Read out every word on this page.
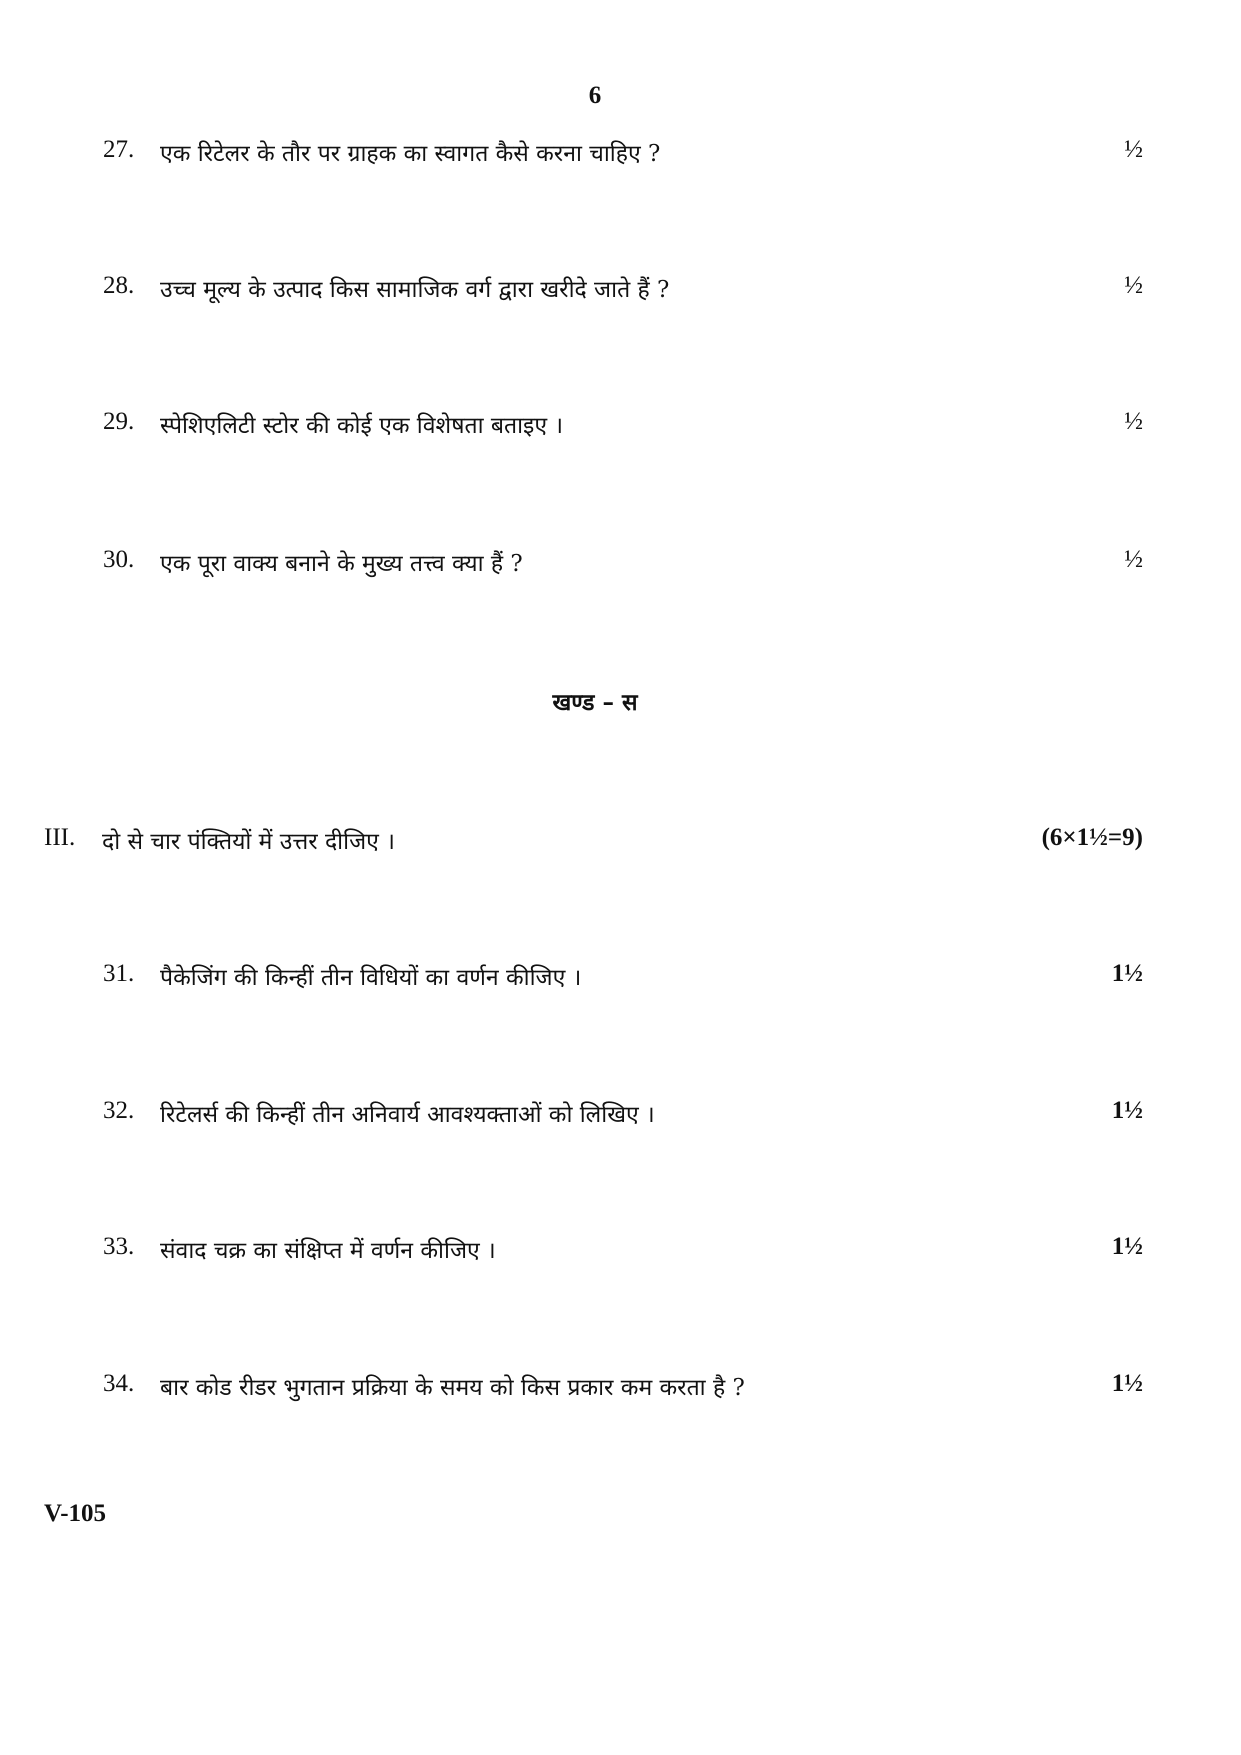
6
27. एक रिटेलर के तौर पर ग्राहक का स्वागत कैसे करना चाहिए ?	½
28. उच्च मूल्य के उत्पाद किस सामाजिक वर्ग द्वारा खरीदे जाते हैं ?	½
29. स्पेशिएलिटी स्टोर की कोई एक विशेषता बताइए ।	½
30. एक पूरा वाक्य बनाने के मुख्य तत्त्व क्या हैं ?	½
खण्ड – स
III. दो से चार पंक्तियों में उत्तर दीजिए ।	(6×1½=9)
31. पैकेजिंग की किन्हीं तीन विधियों का वर्णन कीजिए ।	1½
32. रिटेलर्स की किन्हीं तीन अनिवार्य आवश्यक्ताओं को लिखिए ।	1½
33. संवाद चक्र का संक्षिप्त में वर्णन कीजिए ।	1½
34. बार कोड रीडर भुगतान प्रक्रिया के समय को किस प्रकार कम करता है ?	1½
V-105
